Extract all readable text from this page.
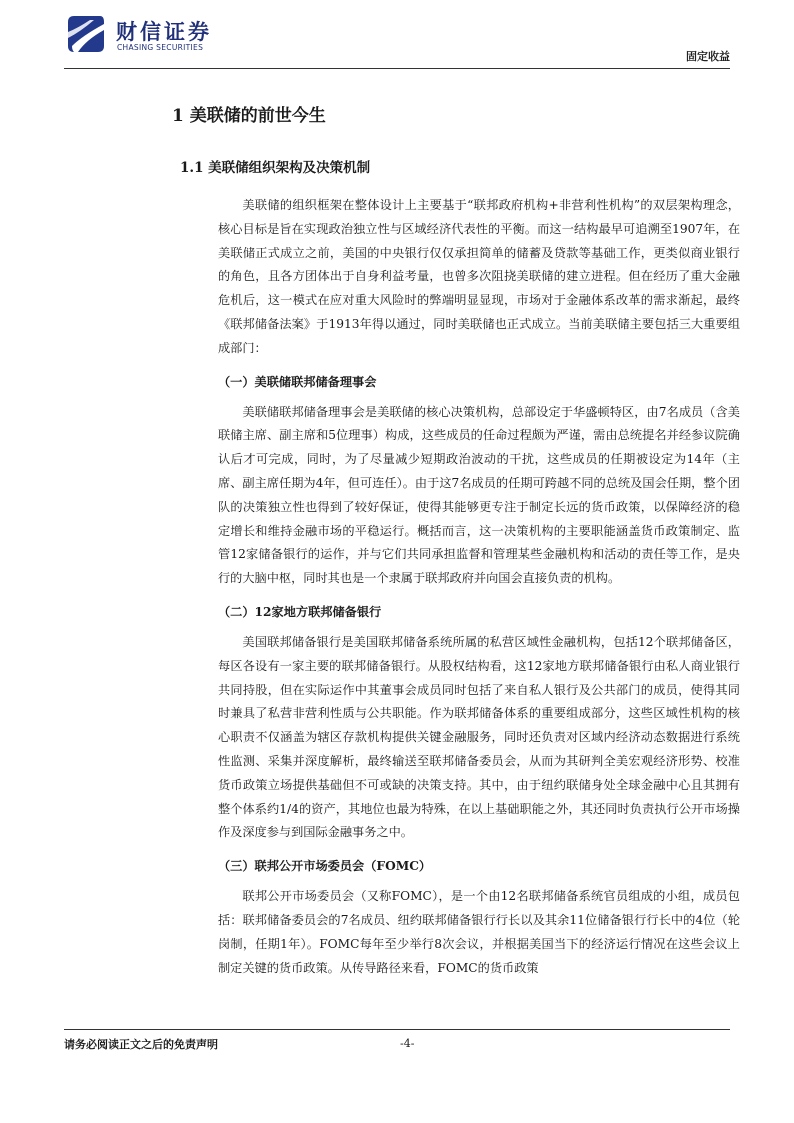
财信证券
CHASING SECURITIES
固定收益
1 美联储的前世今生
1.1 美联储组织架构及决策机制

美联储的组织框架在整体设计上主要基于“联邦政府机构+非营利性机构”的双层架构理念，核心目标是旨在实现政治独立性与区域经济代表性的平衡。而这一结构最早可追溯至1907年，在美联储正式成立之前，美国的中央银行仅仅承担简单的储蓄及贷款等基础工作，更类似商业银行的角色，且各方团体出于自身利益考量，也曾多次阻挠美联储的建立进程。但在经历了重大金融危机后，这一模式在应对重大风险时的弊端明显显现，市场对于金融体系改革的需求渐起，最终《联邦储备法案》于1913年得以通过，同时美联储也正式成立。当前美联储主要包括三大重要组成部门：

（一）美联储联邦储备理事会

美联储联邦储备理事会是美联储的核心决策机构，总部设定于华盛顿特区，由7名成员（含美联储主席、副主席和5位理事）构成，这些成员的任命过程颇为严谨，需由总统提名并经参议院确认后才可完成，同时，为了尽量减少短期政治波动的干扰，这些成员的任期被设定为14年（主席、副主席任期为4年，但可连任）。由于这7名成员的任期可跨越不同的总统及国会任期，整个团队的决策独立性也得到了较好保证，使得其能够更专注于制定长远的货币政策，以保障经济的稳定增长和维持金融市场的平稳运行。概括而言，这一决策机构的主要职能涵盖货币政策制定、监管12家储备银行的运作，并与它们共同承担监督和管理某些金融机构和活动的责任等工作，是央行的大脑中枢，同时其也是一个隶属于联邦政府并向国会直接负责的机构。

（二）12家地方联邦储备银行

美国联邦储备银行是美国联邦储备系统所属的私营区域性金融机构，包括12个联邦储备区，每区各设有一家主要的联邦储备银行。从股权结构看，这12家地方联邦储备银行由私人商业银行共同持股，但在实际运作中其董事会成员同时包括了来自私人银行及公共部门的成员，使得其同时兼具了私营非营利性质与公共职能。作为联邦储备体系的重要组成部分，这些区域性机构的核心职责不仅涵盖为辖区存款机构提供关键金融服务，同时还负责对区域内经济动态数据进行系统性监测、采集并深度解析，最终输送至联邦储备委员会，从而为其研判全美宏观经济形势、校准货币政策立场提供基础但不可或缺的决策支持。其中，由于纽约联储身处全球金融中心且其拥有整个体系约1/4的资产，其地位也最为特殊，在以上基础职能之外，其还同时负责执行公开市场操作及深度参与到国际金融事务之中。

（三）联邦公开市场委员会（FOMC）

联邦公开市场委员会（又称FOMC），是一个由12名联邦储备系统官员组成的小组，成员包括：联邦储备委员会的7名成员、纽约联邦储备银行行长以及其余11位储备银行行长中的4位（轮岗制，任期1年）。FOMC每年至少举行8次会议，并根据美国当下的经济运行情况在这些会议上制定关键的货币政策。从传导路径来看，FOMC的货币政策

请务必阅读正文之后的免责声明	-4-
